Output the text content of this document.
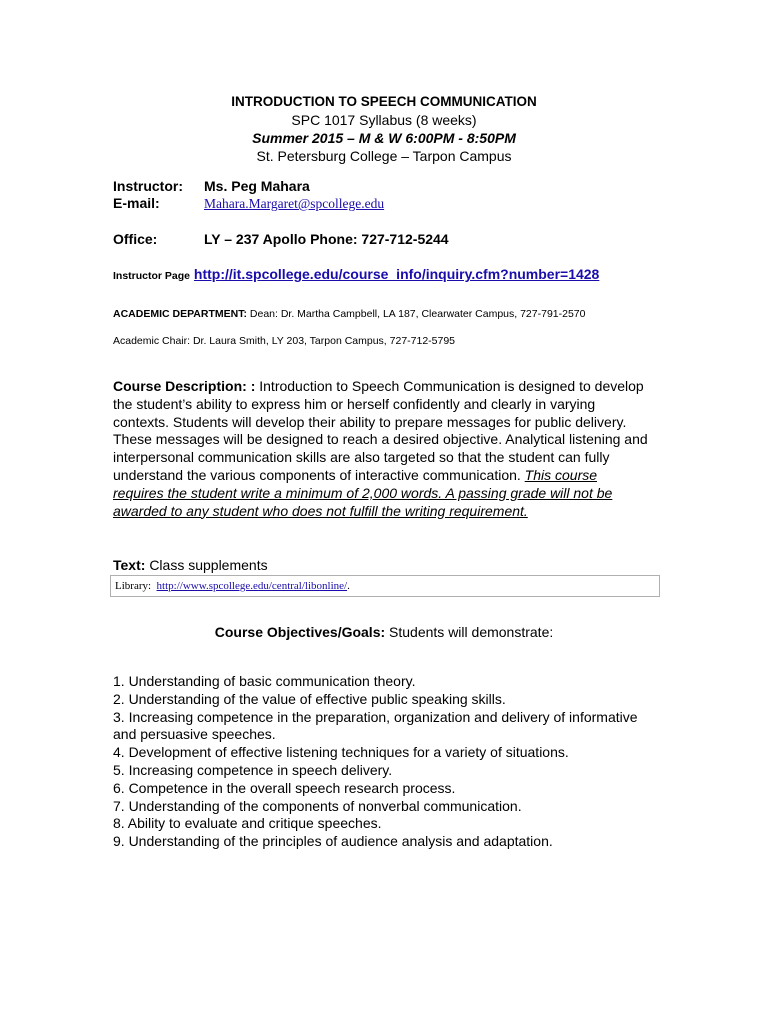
INTRODUCTION TO SPEECH COMMUNICATION
SPC 1017 Syllabus (8 weeks)
Summer 2015 – M & W 6:00PM - 8:50PM
St. Petersburg College – Tarpon Campus
Instructor: Ms. Peg Mahara
E-mail:	Mahara.Margaret@spcollege.edu
Office:	LY – 237 Apollo Phone: 727-712-5244
Instructor Page http://it.spcollege.edu/course_info/inquiry.cfm?number=1428
ACADEMIC DEPARTMENT: Dean: Dr. Martha Campbell, LA 187, Clearwater Campus, 727-791-2570
Academic Chair: Dr. Laura Smith, LY 203, Tarpon Campus, 727-712-5795
Course Description: : Introduction to Speech Communication is designed to develop the student’s ability to express him or herself confidently and clearly in varying contexts. Students will develop their ability to prepare messages for public delivery. These messages will be designed to reach a desired objective. Analytical listening and interpersonal communication skills are also targeted so that the student can fully understand the various components of interactive communication. This course requires the student write a minimum of 2,000 words. A passing grade will not be awarded to any student who does not fulfill the writing requirement.
Text: Class supplements
Library: http://www.spcollege.edu/central/libonline/.
Course Objectives/Goals: Students will demonstrate:
1. Understanding of basic communication theory.
2. Understanding of the value of effective public speaking skills.
3. Increasing competence in the preparation, organization and delivery of informative and persuasive speeches.
4. Development of effective listening techniques for a variety of situations.
5. Increasing competence in speech delivery.
6. Competence in the overall speech research process.
7. Understanding of the components of nonverbal communication.
8. Ability to evaluate and critique speeches.
9. Understanding of the principles of audience analysis and adaptation.
